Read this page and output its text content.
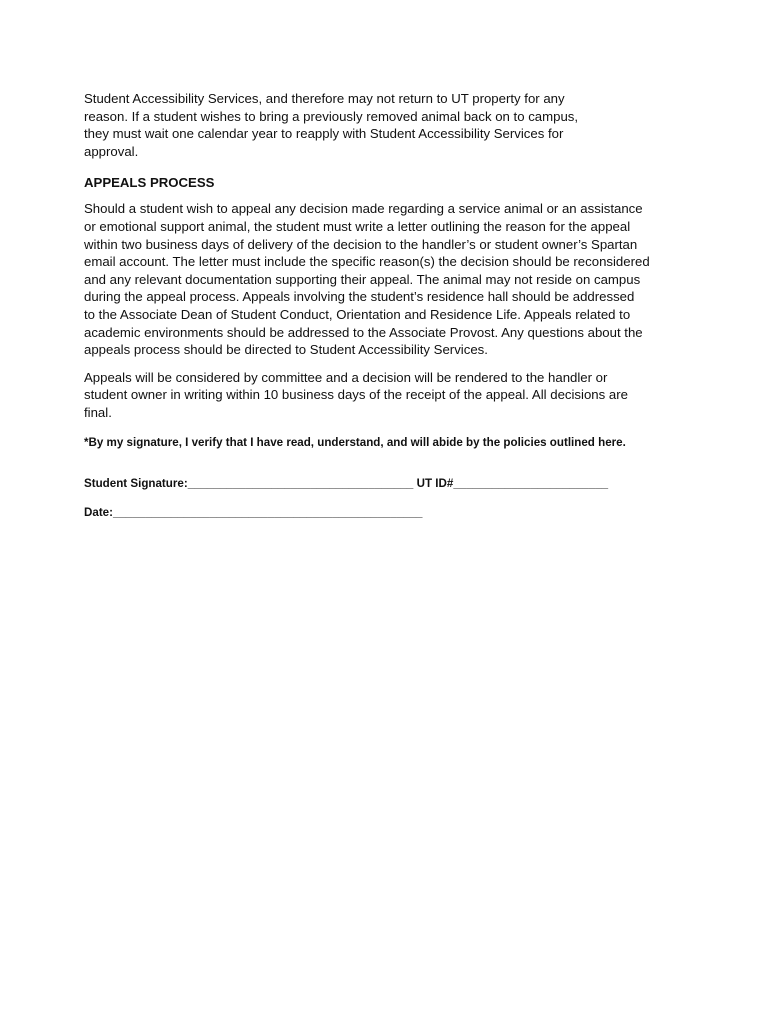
Student Accessibility Services, and therefore may not return to UT property for any
reason. If a student wishes to bring a previously removed animal back on to campus,
they must wait one calendar year to reapply with Student Accessibility Services for
approval.

APPEALS PROCESS

Should a student wish to appeal any decision made regarding a service animal or an assistance
or emotional support animal, the student must write a letter outlining the reason for the appeal
within two business days of delivery of the decision to the handler’s or student owner’s Spartan
email account. The letter must include the specific reason(s) the decision should be reconsidered
and any relevant documentation supporting their appeal. The animal may not reside on campus
during the appeal process. Appeals involving the student’s residence hall should be addressed
to the Associate Dean of Student Conduct, Orientation and Residence Life. Appeals related to
academic environments should be addressed to the Associate Provost. Any questions about the
appeals process should be directed to Student Accessibility Services.

Appeals will be considered by committee and a decision will be rendered to the handler or
student owner in writing within 10 business days of the receipt of the appeal. All decisions are
final.

*By my signature, I verify that I have read, understand, and will abide by the policies outlined here.

Student Signature:___________________________________ UT ID#________________________

Date:________________________________________________
